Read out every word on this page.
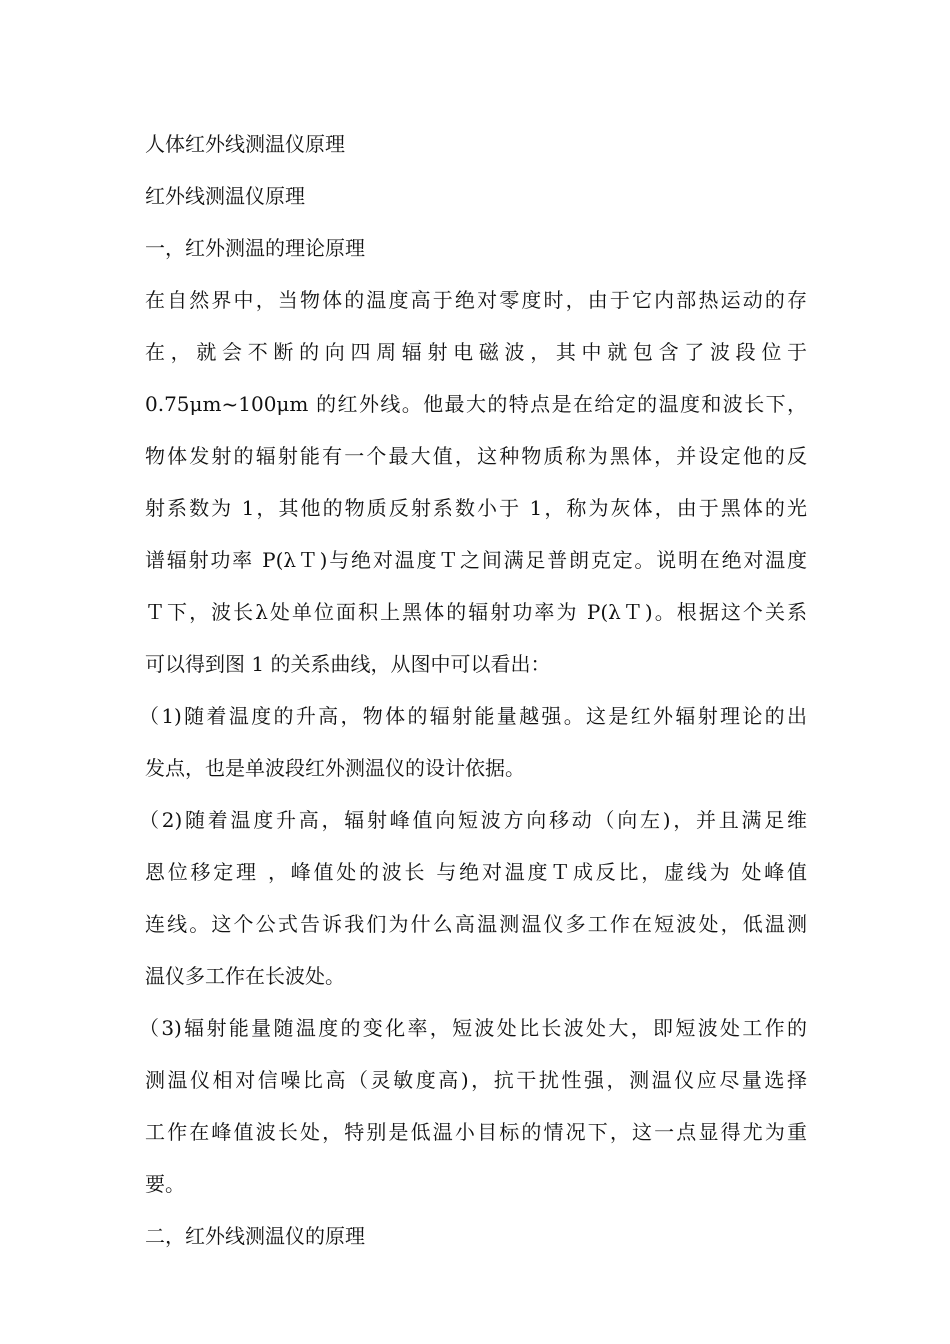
人体红外线测温仪原理
红外线测温仪原理
一，红外测温的理论原理
在自然界中，当物体的温度高于绝对零度时，由于它内部热运动的存
在，就会不断的向四周辐射电磁波，其中就包含了波段位于
0.75μm~100μm 的红外线。他最大的特点是在给定的温度和波长下，
物体发射的辐射能有一个最大值，这种物质称为黑体，并设定他的反
射系数为 1，其他的物质反射系数小于 1，称为灰体，由于黑体的光
谱辐射功率 P(λＴ)与绝对温度Ｔ之间满足普朗克定。说明在绝对温度
Ｔ下，波长λ处单位面积上黑体的辐射功率为 P(λＴ)。根据这个关系
可以得到图 1 的关系曲线，从图中可以看出：
（1)随着温度的升高，物体的辐射能量越强。这是红外辐射理论的出
发点，也是单波段红外测温仪的设计依据。
（2)随着温度升高，辐射峰值向短波方向移动（向左)，并且满足维
恩位移定理 ，峰值处的波长 与绝对温度Ｔ成反比，虚线为 处峰值
连线。这个公式告诉我们为什么高温测温仪多工作在短波处，低温测
温仪多工作在长波处。
（3)辐射能量随温度的变化率，短波处比长波处大，即短波处工作的
测温仪相对信噪比高（灵敏度高)，抗干扰性强，测温仪应尽量选择
工作在峰值波长处，特别是低温小目标的情况下，这一点显得尤为重
要。
二，红外线测温仪的原理
